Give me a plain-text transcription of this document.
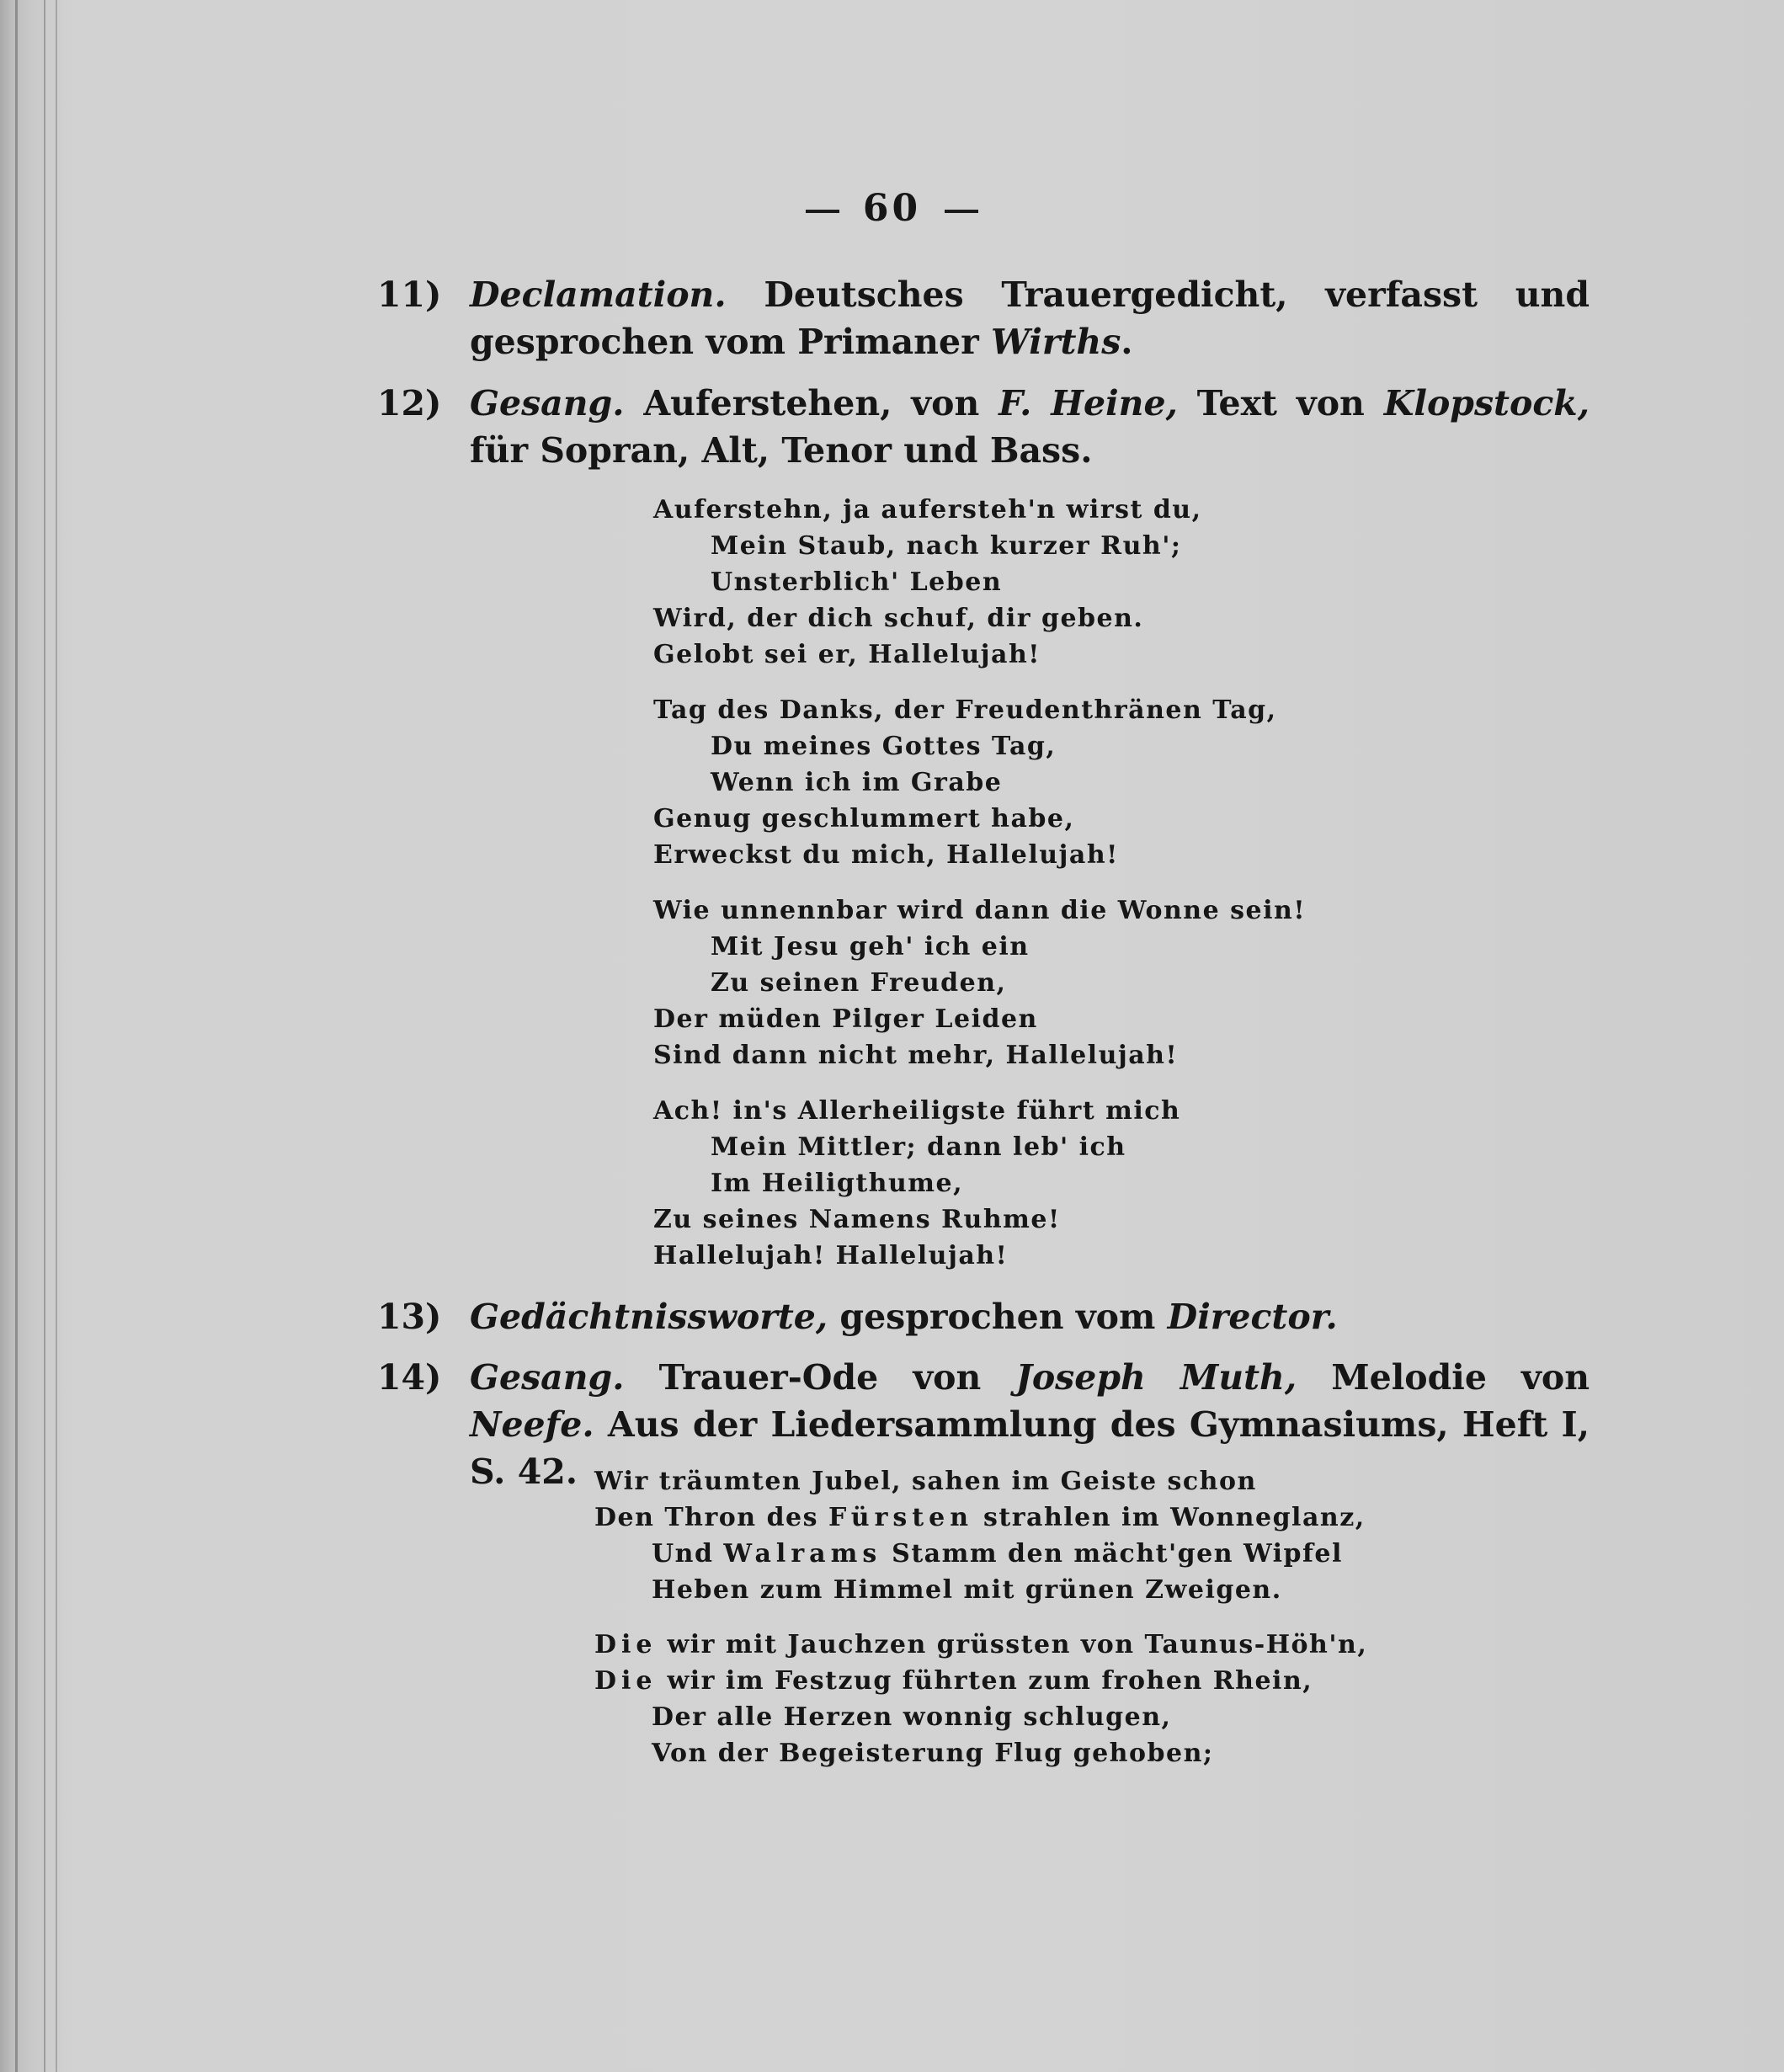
60
11) Declamation. Deutsches Trauergedicht, verfasst und gesprochen vom Primaner Wirths.
12) Gesang. Auferstehen, von F. Heine, Text von Klopstock, für Sopran, Alt, Tenor und Bass.
Auferstehn, ja aufersteh'n wirst du,
Mein Staub, nach kurzer Ruh';
Unsterblich' Leben
Wird, der dich schuf, dir geben.
Gelobt sei er, Hallelujah!
Tag des Danks, der Freudenthränen Tag,
Du meines Gottes Tag,
Wenn ich im Grabe
Genug geschlummert habe,
Erweckst du mich, Hallelujah!
Wie unnennbar wird dann die Wonne sein!
Mit Jesu geh' ich ein
Zu seinen Freuden,
Der müden Pilger Leiden
Sind dann nicht mehr, Hallelujah!
Ach! in's Allerheiligste führt mich
Mein Mittler; dann leb' ich
Im Heiligthume,
Zu seines Namens Ruhme!
Hallelujah! Hallelujah!
13) Gedächtnissworte, gesprochen vom Director.
14) Gesang. Trauer-Ode von Joseph Muth, Melodie von Neefe. Aus der Liedersammlung des Gymnasiums, Heft I, S. 42. Wir träumten Jubel, sahen im Geiste schon
Den Thron des Fürsten strahlen im Wonneglanz,
Und Walrams Stamm den mächt'gen Wipfel
Heben zum Himmel mit grünen Zweigen.
Die wir mit Jauchzen grüssten von Taunus-Höh'n,
Die wir im Festzug führten zum frohen Rhein,
Der alle Herzen wonnig schlugen,
Von der Begeisterung Flug gehoben;
